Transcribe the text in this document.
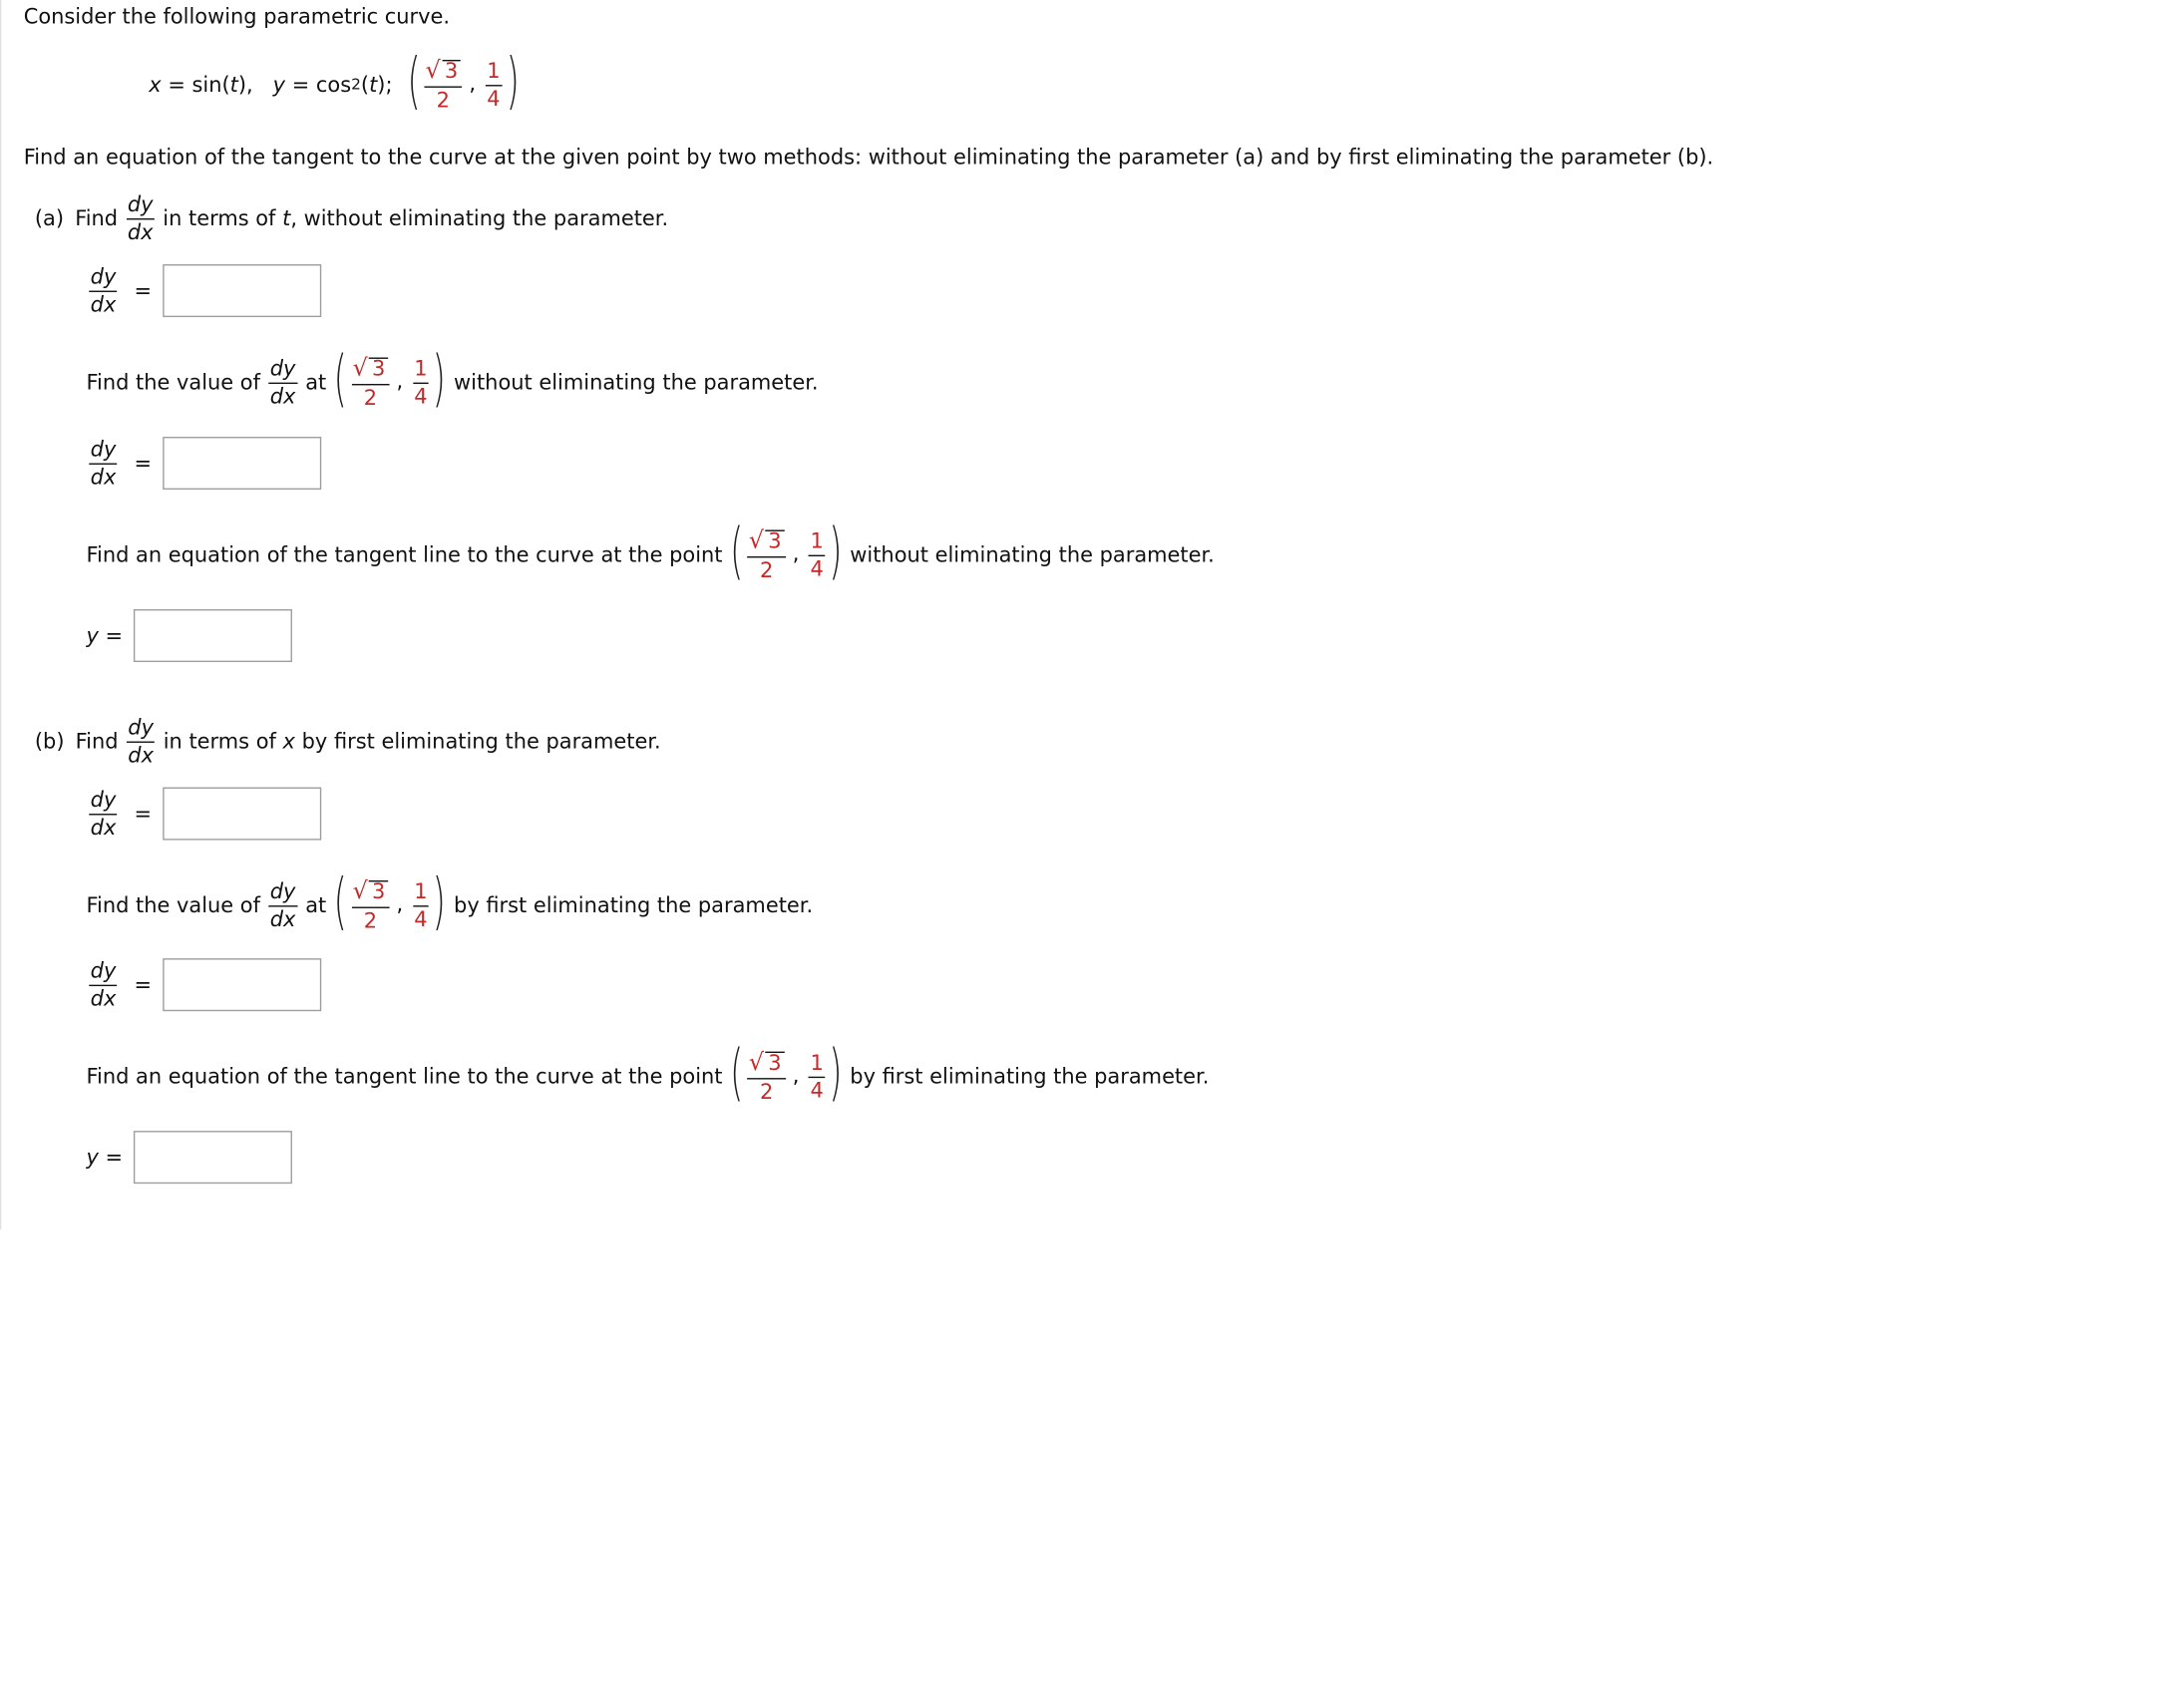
Consider the following parametric curve.
x = sin( t ),
y = cos 2 ( t );
( $\frac{√ 3}{2}$ , $\frac{1}{4}$ )
Find an equation of the tangent to the curve at the given point by two methods: without eliminating the parameter (a) and by first eliminating the parameter (b).
(a) Find $\frac{dy}{dx}$ in terms of
t , without eliminating the parameter.
$\frac{dy}{dx}$ =
Find the value of $\frac{dy}{dx}$ at
( $\frac{√ 3}{2}$ , $\frac{1}{4}$ )
without eliminating the parameter.
$\frac{dy}{dx}$ =
Find an equation of the tangent line to the curve at the point
( $\frac{√ 3}{2}$ , $\frac{1}{4}$ )
without eliminating the parameter.
y
=
(b) Find $\frac{dy}{dx}$ in terms of
x
by first eliminating the parameter.
$\frac{dy}{dx}$ =
Find the value of $\frac{dy}{dx}$ at
( $\frac{√ 3}{2}$ , $\frac{1}{4}$ )
by first eliminating the parameter.
$\frac{dy}{dx}$ =
Find an equation of the tangent line to the curve at the point
( $\frac{√ 3}{2}$ , $\frac{1}{4}$ )
by first eliminating the parameter.
y
=
